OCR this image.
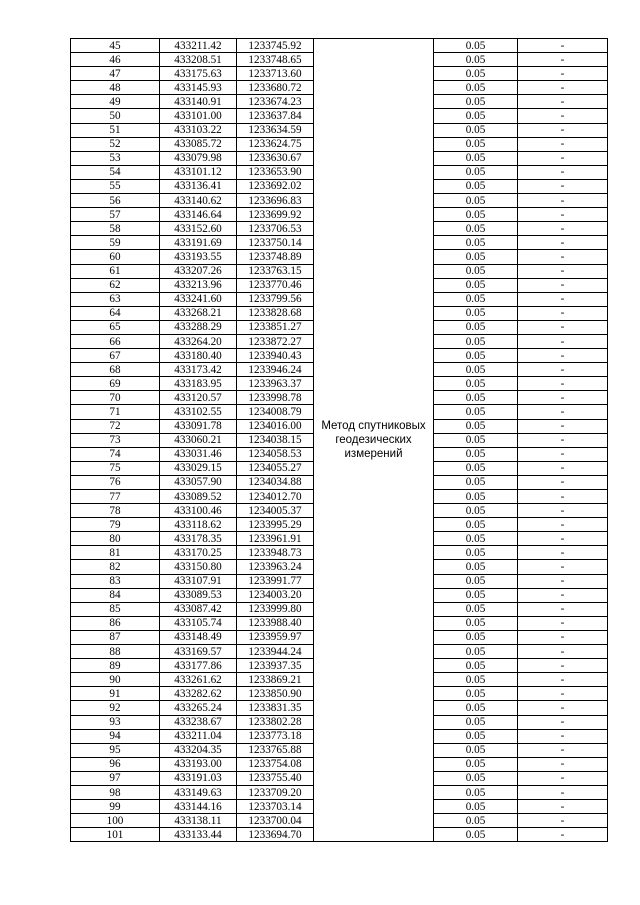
45	433211.42	1233745.92	Метод спутниковых геодезических измерений	0.05	-
46	433208.51	1233748.65		0.05	-
47	433175.63	1233713.60		0.05	-
48	433145.93	1233680.72		0.05	-
49	433140.91	1233674.23		0.05	-
50	433101.00	1233637.84		0.05	-
51	433103.22	1233634.59		0.05	-
52	433085.72	1233624.75		0.05	-
53	433079.98	1233630.67		0.05	-
54	433101.12	1233653.90		0.05	-
55	433136.41	1233692.02		0.05	-
56	433140.62	1233696.83		0.05	-
57	433146.64	1233699.92		0.05	-
58	433152.60	1233706.53		0.05	-
59	433191.69	1233750.14		0.05	-
60	433193.55	1233748.89		0.05	-
61	433207.26	1233763.15		0.05	-
62	433213.96	1233770.46		0.05	-
63	433241.60	1233799.56		0.05	-
64	433268.21	1233828.68		0.05	-
65	433288.29	1233851.27		0.05	-
66	433264.20	1233872.27		0.05	-
67	433180.40	1233940.43		0.05	-
68	433173.42	1233946.24		0.05	-
69	433183.95	1233963.37		0.05	-
70	433120.57	1233998.78		0.05	-
71	433102.55	1234008.79		0.05	-
72	433091.78	1234016.00		0.05	-
73	433060.21	1234038.15		0.05	-
74	433031.46	1234058.53		0.05	-
75	433029.15	1234055.27		0.05	-
76	433057.90	1234034.88		0.05	-
77	433089.52	1234012.70		0.05	-
78	433100.46	1234005.37		0.05	-
79	433118.62	1233995.29		0.05	-
80	433178.35	1233961.91		0.05	-
81	433170.25	1233948.73		0.05	-
82	433150.80	1233963.24		0.05	-
83	433107.91	1233991.77		0.05	-
84	433089.53	1234003.20		0.05	-
85	433087.42	1233999.80		0.05	-
86	433105.74	1233988.40		0.05	-
87	433148.49	1233959.97		0.05	-
88	433169.57	1233944.24		0.05	-
89	433177.86	1233937.35		0.05	-
90	433261.62	1233869.21		0.05	-
91	433282.62	1233850.90		0.05	-
92	433265.24	1233831.35		0.05	-
93	433238.67	1233802.28		0.05	-
94	433211.04	1233773.18		0.05	-
95	433204.35	1233765.88		0.05	-
96	433193.00	1233754.08		0.05	-
97	433191.03	1233755.40		0.05	-
98	433149.63	1233709.20		0.05	-
99	433144.16	1233703.14		0.05	-
100	433138.11	1233700.04		0.05	-
101	433133.44	1233694.70		0.05	-
